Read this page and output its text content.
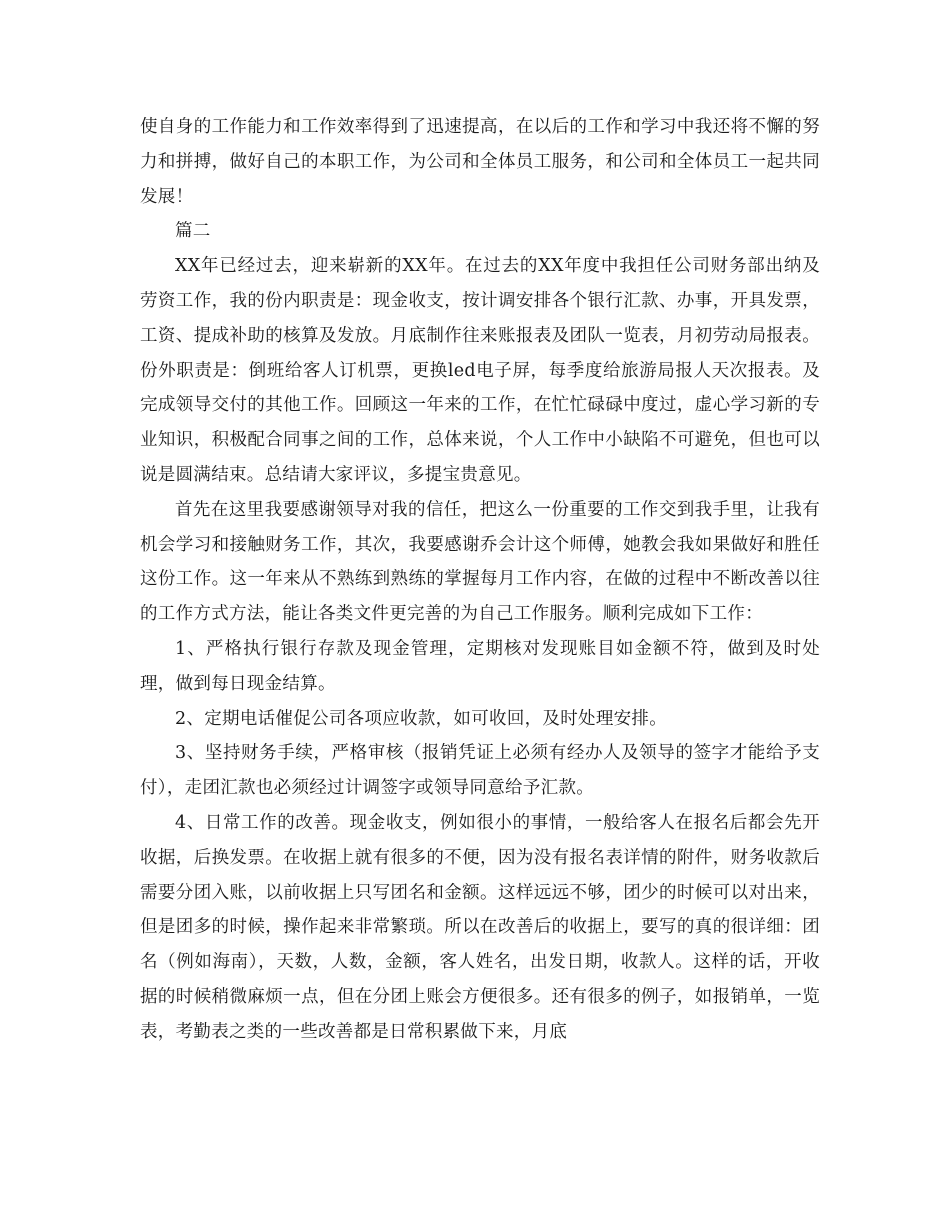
使自身的工作能力和工作效率得到了迅速提高，在以后的工作和学习中我还将不懈的努力和拼搏，做好自己的本职工作，为公司和全体员工服务，和公司和全体员工一起共同发展！

篇二

XX年已经过去，迎来崭新的XX年。在过去的XX年度中我担任公司财务部出纳及劳资工作，我的份内职责是：现金收支，按计调安排各个银行汇款、办事，开具发票，工资、提成补助的核算及发放。月底制作往来账报表及团队一览表，月初劳动局报表。份外职责是：倒班给客人订机票，更换led电子屏，每季度给旅游局报人天次报表。及完成领导交付的其他工作。回顾这一年来的工作，在忙忙碌碌中度过，虚心学习新的专业知识，积极配合同事之间的工作，总体来说，个人工作中小缺陷不可避免，但也可以说是圆满结束。总结请大家评议，多提宝贵意见。

首先在这里我要感谢领导对我的信任，把这么一份重要的工作交到我手里，让我有机会学习和接触财务工作，其次，我要感谢乔会计这个师傅，她教会我如果做好和胜任这份工作。这一年来从不熟练到熟练的掌握每月工作内容，在做的过程中不断改善以往的工作方式方法，能让各类文件更完善的为自己工作服务。顺利完成如下工作：

1、严格执行银行存款及现金管理，定期核对发现账目如金额不符，做到及时处理，做到每日现金结算。

2、定期电话催促公司各项应收款，如可收回，及时处理安排。

3、坚持财务手续，严格审核（报销凭证上必须有经办人及领导的签字才能给予支付），走团汇款也必须经过计调签字或领导同意给予汇款。

4、日常工作的改善。现金收支，例如很小的事情，一般给客人在报名后都会先开收据，后换发票。在收据上就有很多的不便，因为没有报名表详情的附件，财务收款后需要分团入账，以前收据上只写团名和金额。这样远远不够，团少的时候可以对出来，但是团多的时候，操作起来非常繁琐。所以在改善后的收据上，要写的真的很详细：团名（例如海南），天数，人数，金额，客人姓名，出发日期，收款人。这样的话，开收据的时候稍微麻烦一点，但在分团上账会方便很多。还有很多的例子，如报销单，一览表，考勤表之类的一些改善都是日常积累做下来，月底
